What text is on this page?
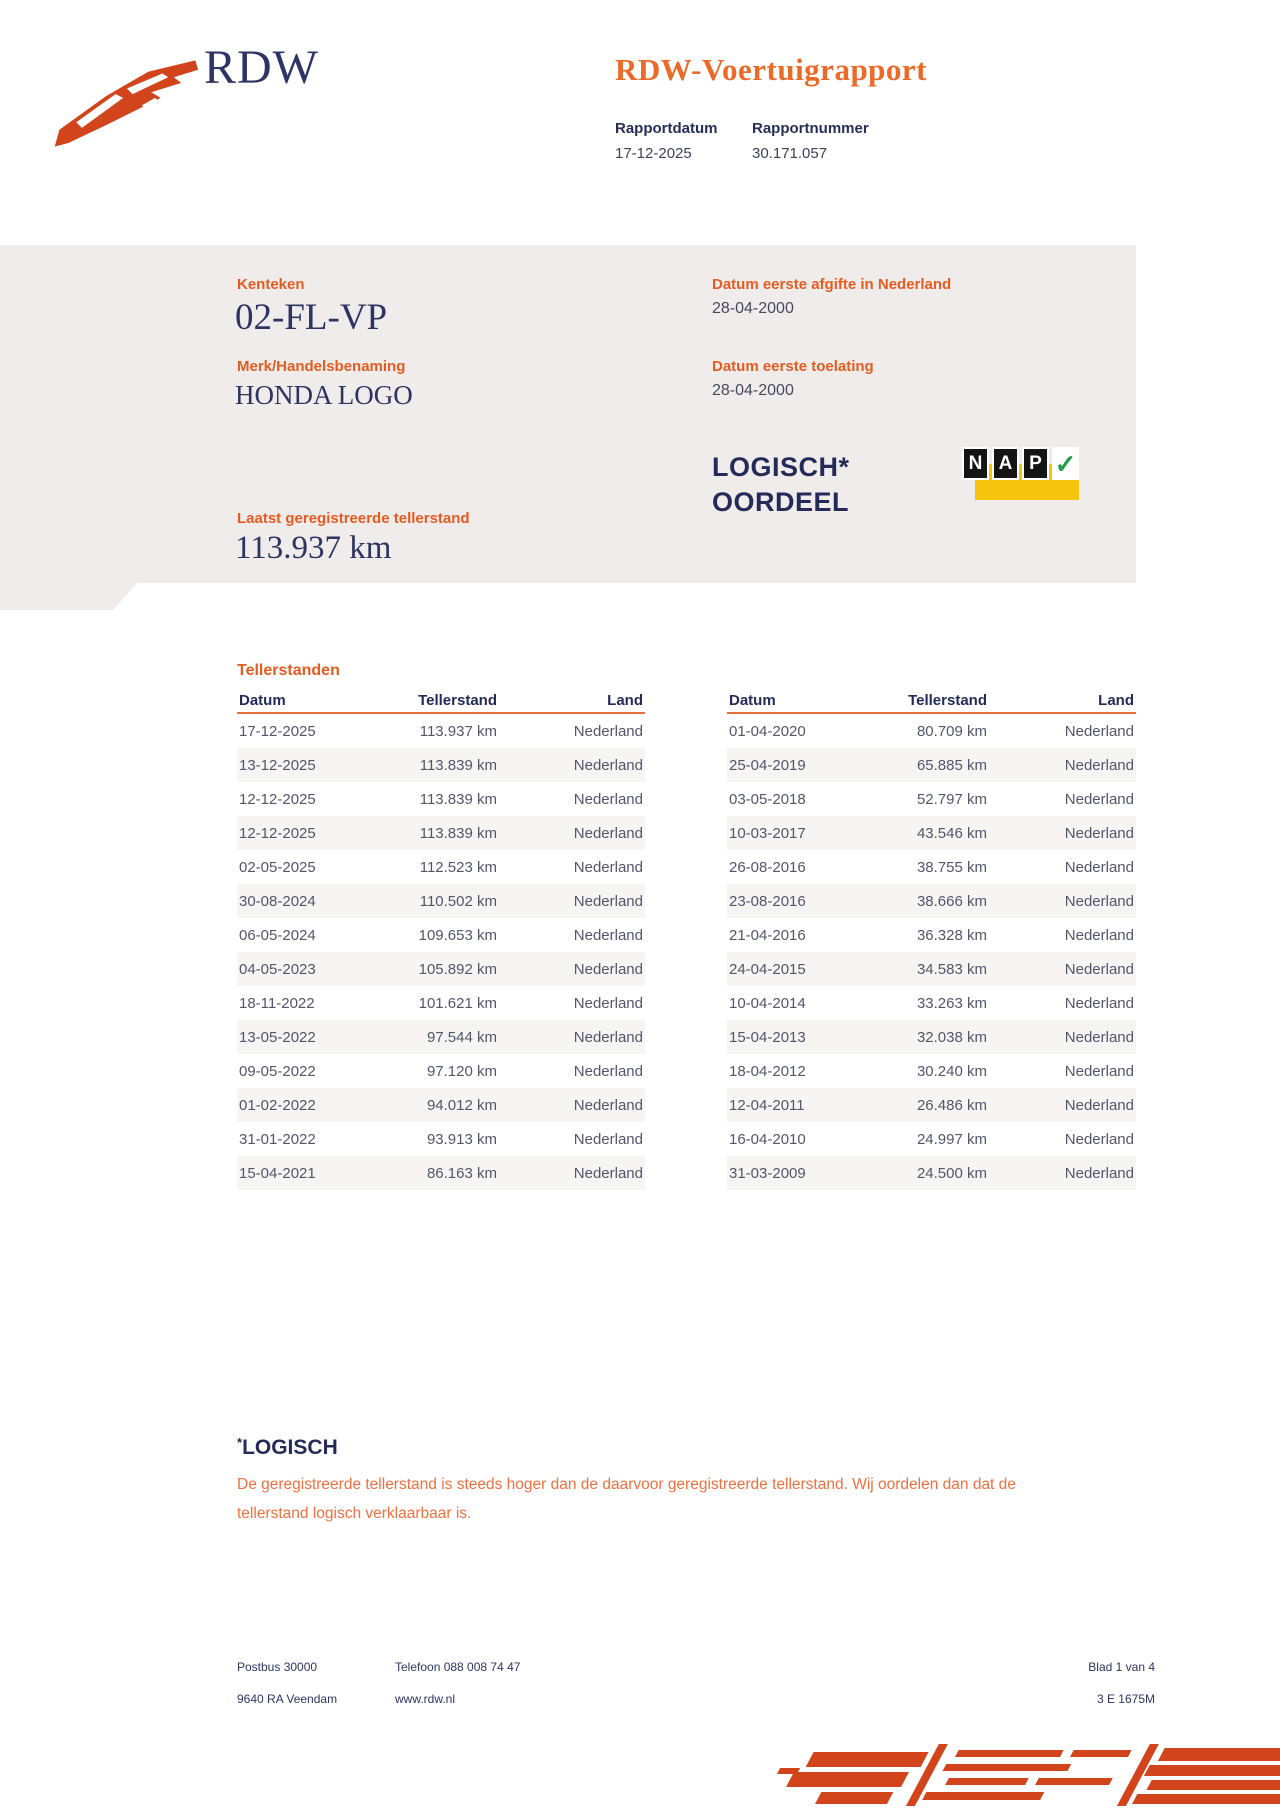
RDW	RDW-Voertuigrapport
Rapportdatum
17-12-2025
Rapportnummer
30.171.057
Kenteken
02-FL-VP
Merk/Handelsbenaming
HONDA LOGO
Datum eerste afgifte in Nederland
28-04-2000
Datum eerste toelating
28-04-2000
LOGISCH*
OORDEEL
N A P ✓
Laatst geregistreerde tellerstand
113.937 km
Tellerstanden
Datum	Tellerstand	Land
17-12-2025	113.937 km	Nederland
13-12-2025	113.839 km	Nederland
12-12-2025	113.839 km	Nederland
12-12-2025	113.839 km	Nederland
02-05-2025	112.523 km	Nederland
30-08-2024	110.502 km	Nederland
06-05-2024	109.653 km	Nederland
04-05-2023	105.892 km	Nederland
18-11-2022	101.621 km	Nederland
13-05-2022	97.544 km	Nederland
09-05-2022	97.120 km	Nederland
01-02-2022	94.012 km	Nederland
31-01-2022	93.913 km	Nederland
15-04-2021	86.163 km	Nederland
Datum	Tellerstand	Land
01-04-2020	80.709 km	Nederland
25-04-2019	65.885 km	Nederland
03-05-2018	52.797 km	Nederland
10-03-2017	43.546 km	Nederland
26-08-2016	38.755 km	Nederland
23-08-2016	38.666 km	Nederland
21-04-2016	36.328 km	Nederland
24-04-2015	34.583 km	Nederland
10-04-2014	33.263 km	Nederland
15-04-2013	32.038 km	Nederland
18-04-2012	30.240 km	Nederland
12-04-2011	26.486 km	Nederland
16-04-2010	24.997 km	Nederland
31-03-2009	24.500 km	Nederland
*LOGISCH
De geregistreerde tellerstand is steeds hoger dan de daarvoor geregistreerde tellerstand. Wij oordelen dan dat de tellerstand logisch verklaarbaar is.
Postbus 30000
9640 RA Veendam
Telefoon 088 008 74 47
www.rdw.nl
Blad 1 van 4
3 E 1675M
